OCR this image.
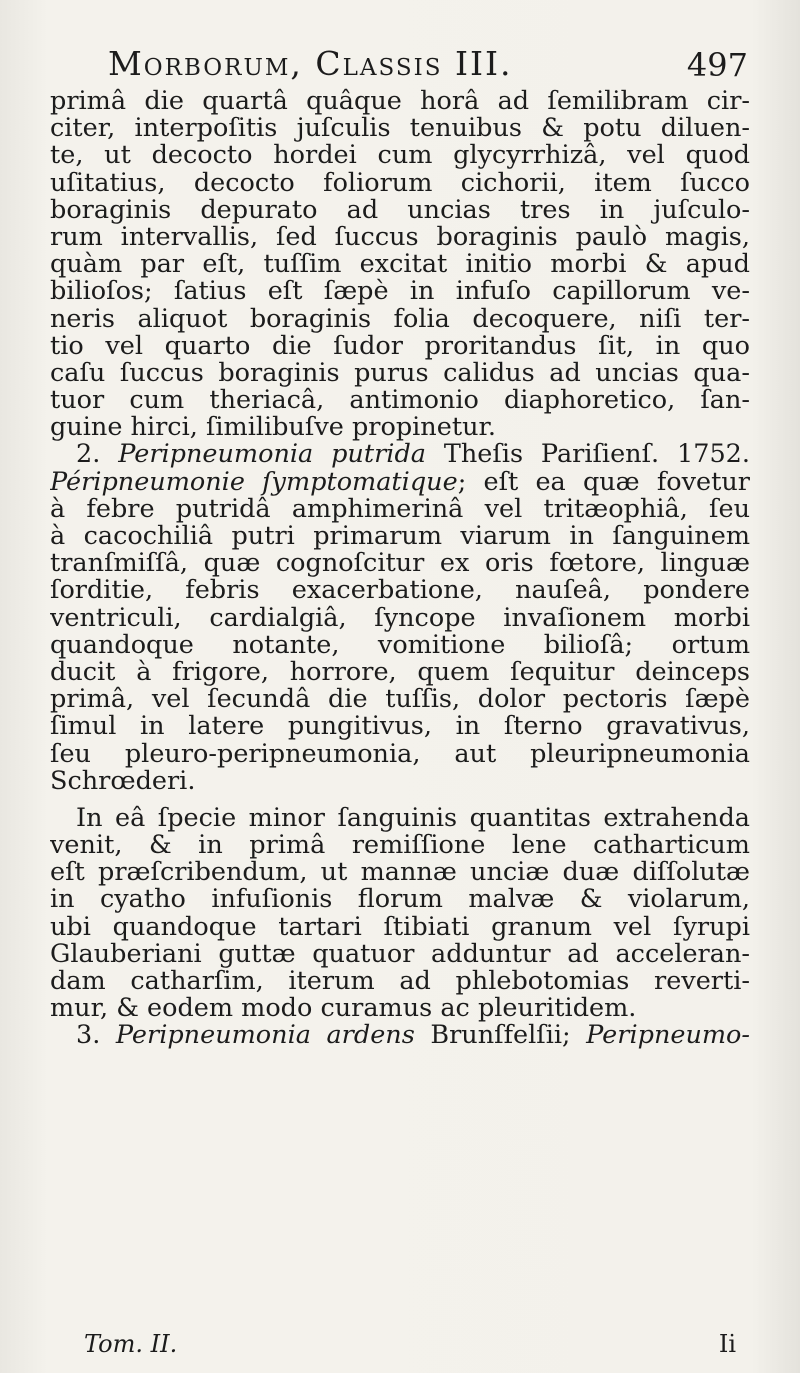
Morborum, Classis III.	497
primâ die quartâ quâque horâ ad ſemilibram cir-
citer, interpoſitis juſculis tenuibus & potu diluen-
te, ut decocto hordei cum glycyrrhizâ, vel quod
uſitatius, decocto foliorum cichorii, item ſucco
boraginis depurato ad uncias tres in juſculo-
rum intervallis, ſed ſuccus boraginis paulò magis,
quàm par eſt, tuſſim excitat initio morbi & apud
bilioſos; ſatius eſt ſæpè in infuſo capillorum ve-
neris aliquot boraginis folia decoquere, niſi ter-
tio vel quarto die ſudor proritandus ſit, in quo
caſu ſuccus boraginis purus calidus ad uncias qua-
tuor cum theriacâ, antimonio diaphoretico, ſan-
guine hirci, ſimilibuſve propinetur.
2. Peripneumonia putrida Theſis Pariſienſ. 1752.
Péripneumonie ſymptomatique; eſt ea quæ fovetur
à febre putridâ amphimerinâ vel tritæophiâ, ſeu
à cacochiliâ putri primarum viarum in ſanguinem
tranſmiſſâ, quæ cognoſcitur ex oris fœtore, linguæ
ſorditie, febris exacerbatione, nauſeâ, pondere
ventriculi, cardialgiâ, ſyncope invaſionem morbi
quandoque notante, vomitione bilioſâ; ortum
ducit à frigore, horrore, quem ſequitur deinceps
primâ, vel ſecundâ die tuſſis, dolor pectoris ſæpè
ſimul in latere pungitivus, in ſterno gravativus,
ſeu pleuro-peripneumonia, aut pleuripneumonia
Schrœderi.
In eâ ſpecie minor ſanguinis quantitas extrahenda
venit, & in primâ remiſſione lene catharticum
eſt præſcribendum, ut mannæ unciæ duæ diſſolutæ
in cyatho infuſionis florum malvæ & violarum,
ubi quandoque tartari ſtibiati granum vel ſyrupi
Glauberiani guttæ quatuor adduntur ad acceleran-
dam catharſim, iterum ad phlebotomias reverti-
mur, & eodem modo curamus ac pleuritidem.
3. Peripneumonia ardens Brunſfelſii; Peripneumo-
Tom. II.	Ii
